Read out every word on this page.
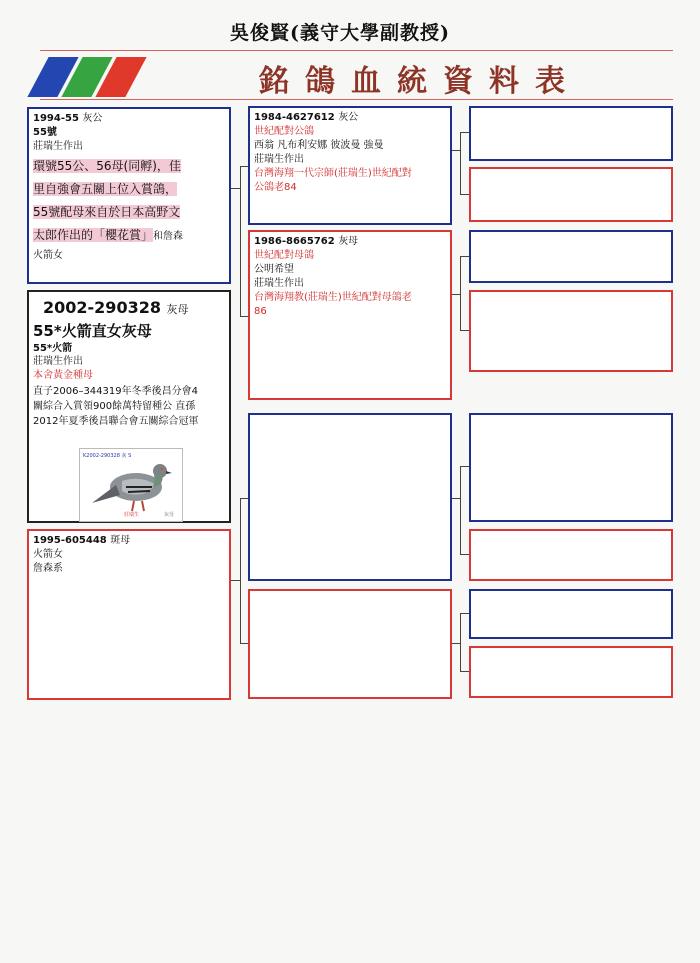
吳俊賢(義守大學副教授)
銘鴿血統資料表
1994-55 灰公
55號
莊瑞生作出
環號55公、56母(同孵)，佳
里自強會五關上位入賞鴿，
55號配母來自於日本高野文
太郎作出的「櫻花賞」和詹森
火箭女
2002-290328 灰母
55*火箭直女灰母
55*火箭
莊瑞生作出
本舍黃金種母
直子2006–344319年冬季後昌分會4
關綜合入賞領900餘萬特留種公 直孫
2012年夏季後昌聯合會五關綜合冠軍
K2002-290328 灰 S
莊瑞生	灰母
1995-605448 斑母
火箭女
詹森系
1984-4627612 灰公
世紀配對公鴿
西翁 凡布利安娜 彼波曼 強曼
莊瑞生作出
台灣海翔一代宗師(莊瑞生)世紀配對
公鴿老84
1986-8665762 灰母
世紀配對母鴿
公明希望
莊瑞生作出
台灣海翔教(莊瑞生)世紀配對母鴿老
86
